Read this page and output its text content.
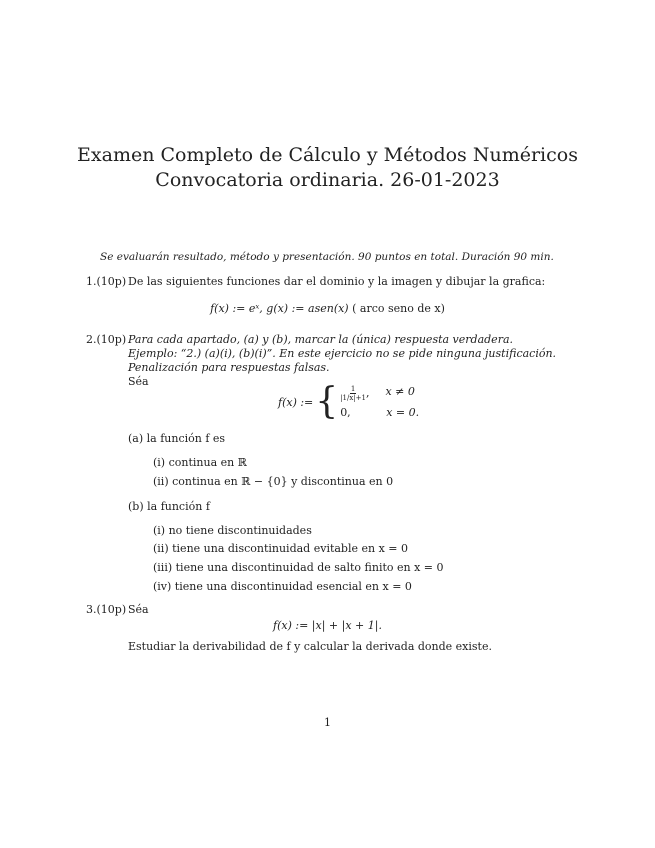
Examen Completo de Cálculo y Métodos Numéricos
Convocatoria ordinaria. 26-01-2023
Se evaluarán resultado, método y presentación. 90 puntos en total. Duración 90 min.
1.(10p) De las siguientes funciones dar el dominio y la imagen y dibujar la grafica:
f(x) := eˣ, g(x) := asen(x) ( arco seno de x)
2.(10p) Para cada apartado, (a) y (b), marcar la (única) respuesta verdadera.
Ejemplo: “2.) (a)(i), (b)(i)”. En este ejercicio no se pide ninguna justificación.
Penalización para respuestas falsas.
Séa
f(x) := { $\frac{1}{|1/x|+1}$ , x ≠ 0
0,	x = 0.
(a) la función f es
(i) continua en ℝ
(ii) continua en ℝ − {0} y discontinua en 0
(b) la función f
(i) no tiene discontinuidades
(ii) tiene una discontinuidad evitable en x = 0
(iii) tiene una discontinuidad de salto finito en x = 0
(iv) tiene una discontinuidad esencial en x = 0
3.(10p) Séa
f(x) := |x| + |x + 1|.
Estudiar la derivabilidad de f y calcular la derivada donde existe.
1
